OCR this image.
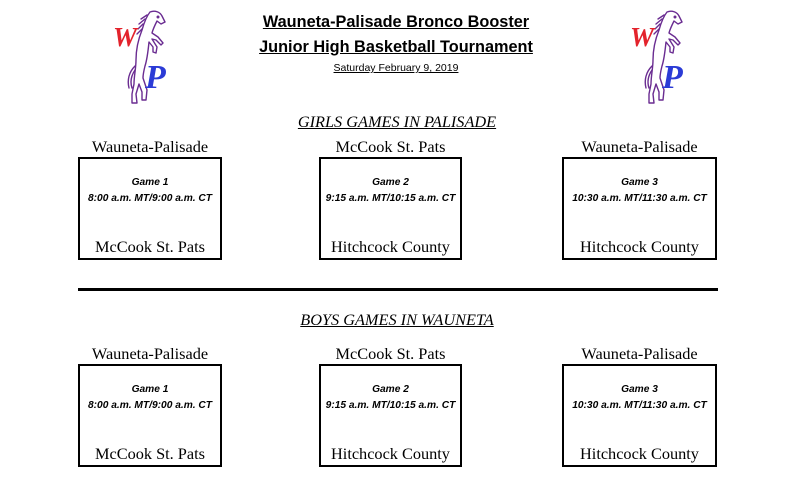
W
P
W
P
Wauneta-Palisade Bronco Booster
Junior High Basketball Tournament
Saturday February 9, 2019
GIRLS GAMES IN PALISADE
Wauneta-Palisade
Game 1
8:00 a.m. MT/9:00 a.m. CT
McCook St. Pats
McCook St. Pats
Game 2
9:15 a.m. MT/10:15 a.m. CT
Hitchcock County
Wauneta-Palisade
Game 3
10:30 a.m. MT/11:30 a.m. CT
Hitchcock County
BOYS GAMES IN WAUNETA
Wauneta-Palisade
Game 1
8:00 a.m. MT/9:00 a.m. CT
McCook St. Pats
McCook St. Pats
Game 2
9:15 a.m. MT/10:15 a.m. CT
Hitchcock County
Wauneta-Palisade
Game 3
10:30 a.m. MT/11:30 a.m. CT
Hitchcock County
